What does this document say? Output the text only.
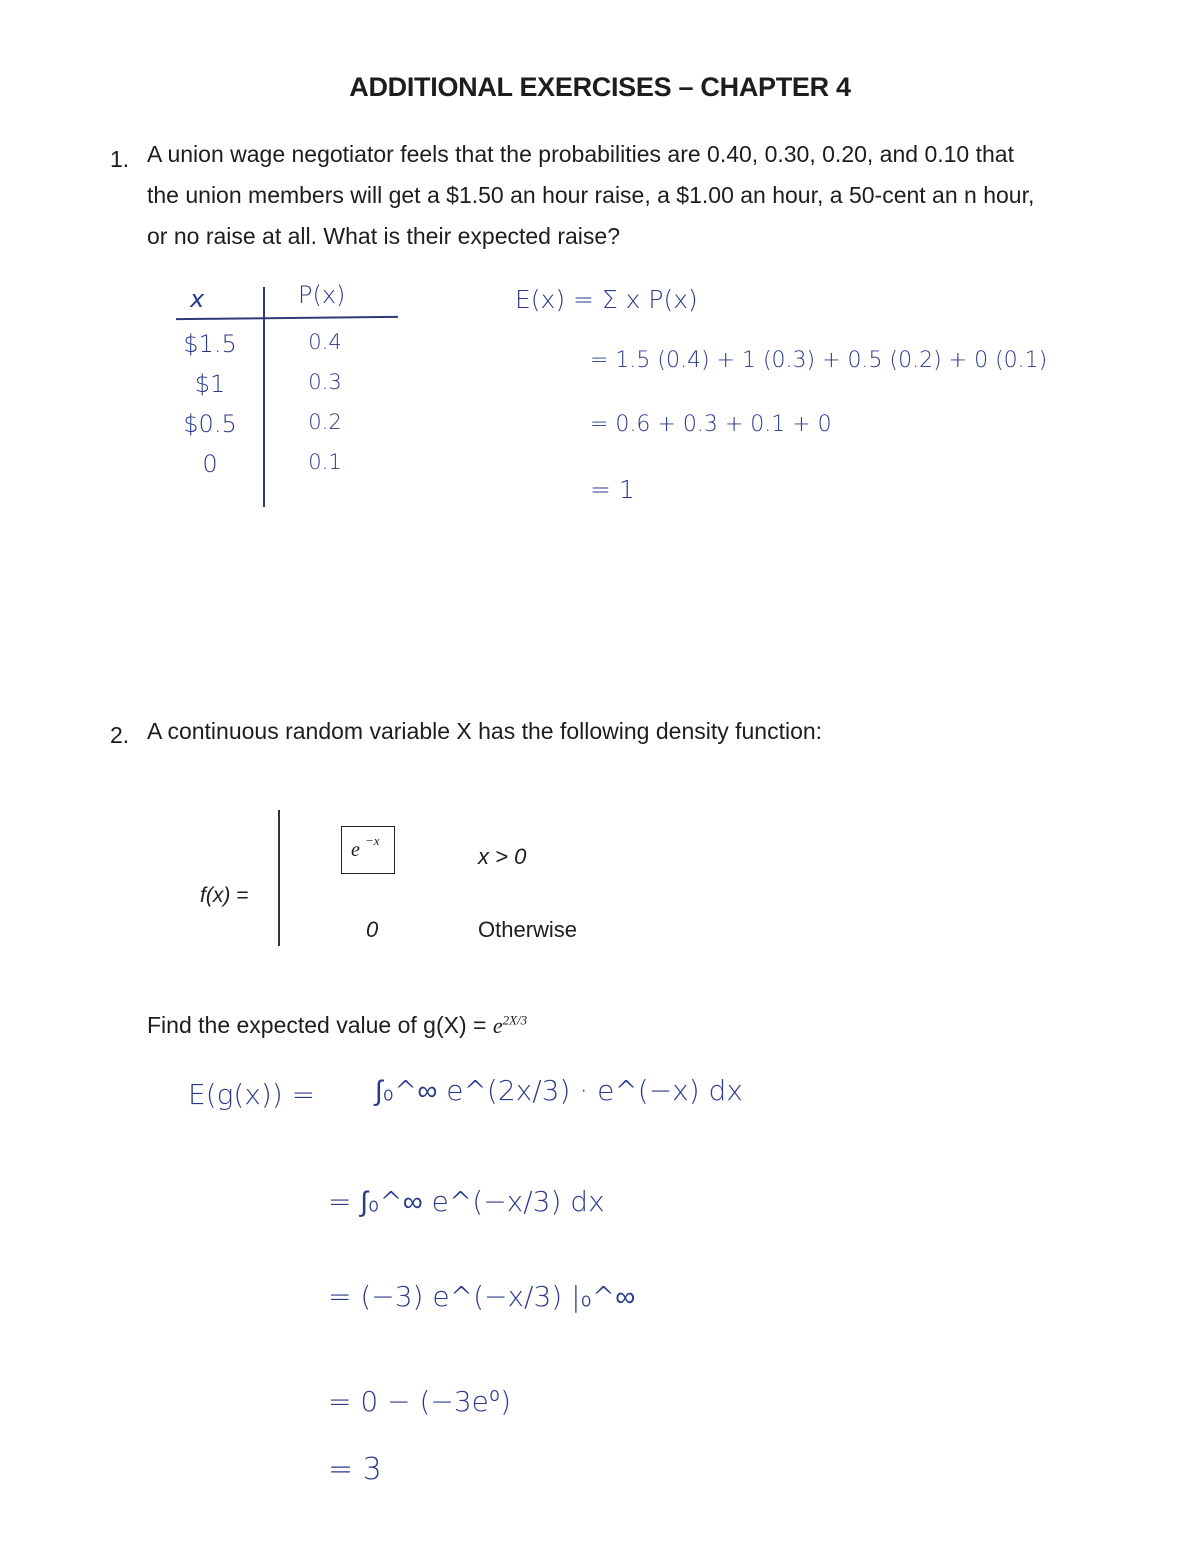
ADDITIONAL EXERCISES – CHAPTER 4
1. A union wage negotiator feels that the probabilities are 0.40, 0.30, 0.20, and 0.10 that
the union members will get a $1.50 an hour raise, a $1.00 an hour, a 50-cent an n hour,
or no raise at all. What is their expected raise?
x	P(x)
$1.5	0.4
$1	0.3
$0.5	0.2
0	0.1
E(x) = Σ x P(x)
= 1.5 (0.4) + 1 (0.3) + 0.5 (0.2) + 0 (0.1)
= 0.6 + 0.3 + 0.1 + 0
= 1
2. A continuous random variable X has the following density function:
f(x) =
e −x
x > 0
0	Otherwise
Find the expected value of $g(X) = e^{2X/3}$
E(g(x)) = ∫₀^∞ e^(2x/3) · e^(−x) dx
= ∫₀^∞ e^(−x/3) dx
= (−3) e^(−x/3) |₀^∞
= 0 − (−3e⁰)
= 3
